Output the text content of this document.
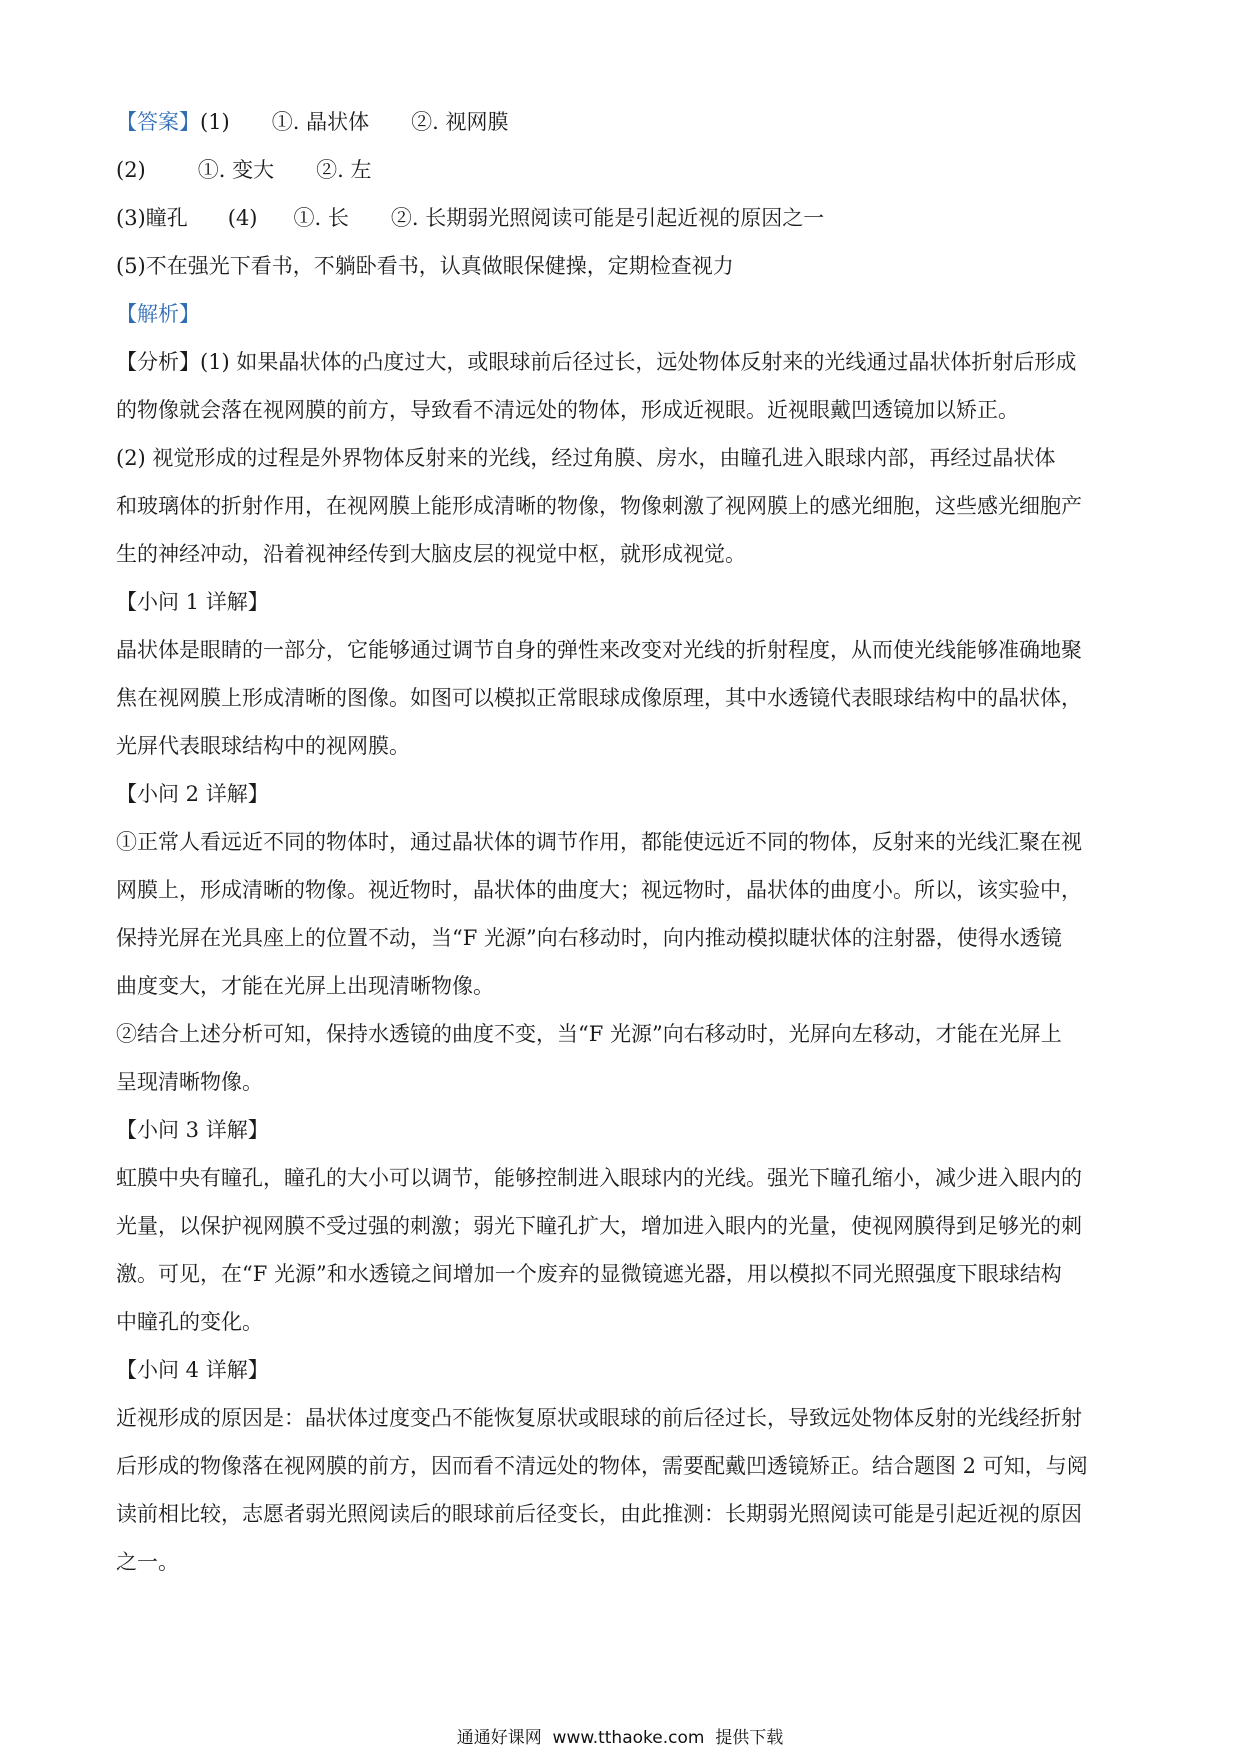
【答案】(1) ①. 晶状体 ②. 视网膜
(2) ①. 变大 ②. 左
(3)瞳孔 (4) ①. 长 ②. 长期弱光照阅读可能是引起近视的原因之一
(5)不在强光下看书，不躺卧看书，认真做眼保健操，定期检查视力
【解析】
【分析】(1) 如果晶状体的凸度过大，或眼球前后径过长，远处物体反射来的光线通过晶状体折射后形成
的物像就会落在视网膜的前方，导致看不清远处的物体，形成近视眼。近视眼戴凹透镜加以矫正。
(2) 视觉形成的过程是外界物体反射来的光线，经过角膜、房水，由瞳孔进入眼球内部，再经过晶状体
和玻璃体的折射作用，在视网膜上能形成清晰的物像，物像刺激了视网膜上的感光细胞，这些感光细胞产
生的神经冲动，沿着视神经传到大脑皮层的视觉中枢，就形成视觉。
【小问 1 详解】
晶状体是眼睛的一部分，它能够通过调节自身的弹性来改变对光线的折射程度，从而使光线能够准确地聚
焦在视网膜上形成清晰的图像。如图可以模拟正常眼球成像原理，其中水透镜代表眼球结构中的晶状体，
光屏代表眼球结构中的视网膜。
【小问 2 详解】
①正常人看远近不同的物体时，通过晶状体的调节作用，都能使远近不同的物体，反射来的光线汇聚在视
网膜上，形成清晰的物像。视近物时，晶状体的曲度大；视远物时，晶状体的曲度小。所以，该实验中，
保持光屏在光具座上的位置不动，当“F 光源”向右移动时，向内推动模拟睫状体的注射器，使得水透镜
曲度变大，才能在光屏上出现清晰物像。
②结合上述分析可知，保持水透镜的曲度不变，当“F 光源”向右移动时，光屏向左移动，才能在光屏上
呈现清晰物像。
【小问 3 详解】
虹膜中央有瞳孔，瞳孔的大小可以调节，能够控制进入眼球内的光线。强光下瞳孔缩小，减少进入眼内的
光量，以保护视网膜不受过强的刺激；弱光下瞳孔扩大，增加进入眼内的光量，使视网膜得到足够光的刺
激。可见，在“F 光源”和水透镜之间增加一个废弃的显微镜遮光器，用以模拟不同光照强度下眼球结构
中瞳孔的变化。
【小问 4 详解】
近视形成的原因是：晶状体过度变凸不能恢复原状或眼球的前后径过长，导致远处物体反射的光线经折射
后形成的物像落在视网膜的前方，因而看不清远处的物体，需要配戴凹透镜矫正。结合题图 2 可知，与阅
读前相比较，志愿者弱光照阅读后的眼球前后径变长，由此推测：长期弱光照阅读可能是引起近视的原因
之一。
通通好课网 www.tthaoke.com 提供下载
